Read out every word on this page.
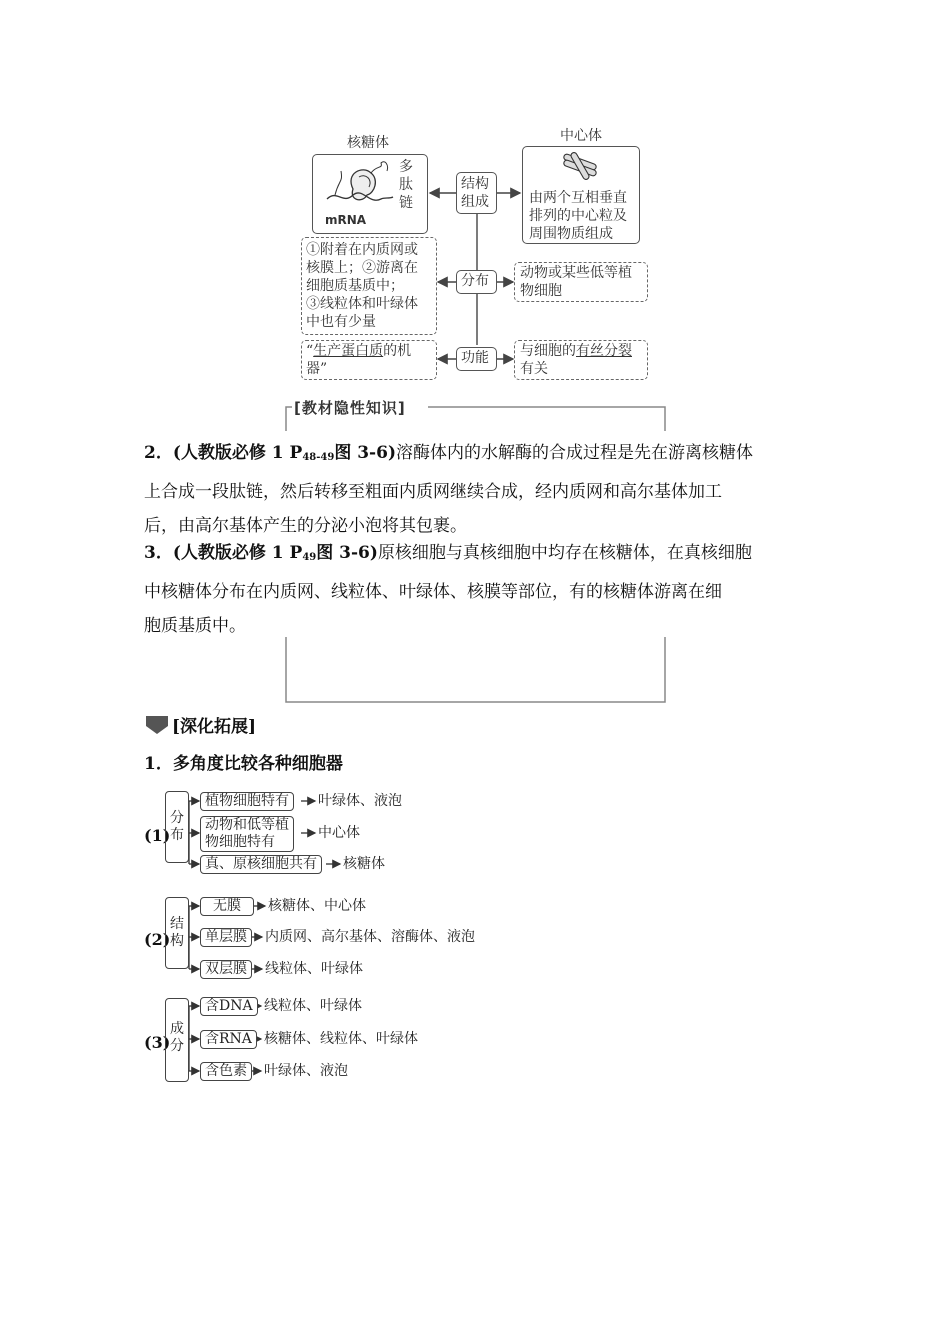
核糖体
多
肽
链
mRNA
中心体
由两个互相垂直
排列的中心粒及
周围物质组成
结构
组成
分布
功能
①附着在内质网或
核膜上；②游离在
细胞质基质中；
③线粒体和叶绿体
中也有少量
动物或某些低等植
物细胞
“生产蛋白质的机
器”
与细胞的有丝分裂
有关
[教材隐性知识]
2．(人教版必修 1 $P_{48-49}$图 3-6)溶酶体内的水解酶的合成过程是先在游离核糖体
上合成一段肽链，然后转移至粗面内质网继续合成，经内质网和高尔基体加工
后，由高尔基体产生的分泌小泡将其包裹。
3．(人教版必修 1 $P_{49}$图 3-6)原核细胞与真核细胞中均存在核糖体，在真核细胞
中核糖体分布在内质网、线粒体、叶绿体、核膜等部位，有的核糖体游离在细
胞质基质中。
[深化拓展]
1．多角度比较各种细胞器
(1)
分布
植物细胞特有	叶绿体、液泡
动物和低等植
物细胞特有
中心体
真、原核细胞共有	核糖体
(2)
结构
无膜	核糖体、中心体
单层膜	内质网、高尔基体、溶酶体、液泡
双层膜	线粒体、叶绿体
(3)
成分
含DNA 线粒体、叶绿体
含RNA 核糖体、线粒体、叶绿体
含色素	叶绿体、液泡
